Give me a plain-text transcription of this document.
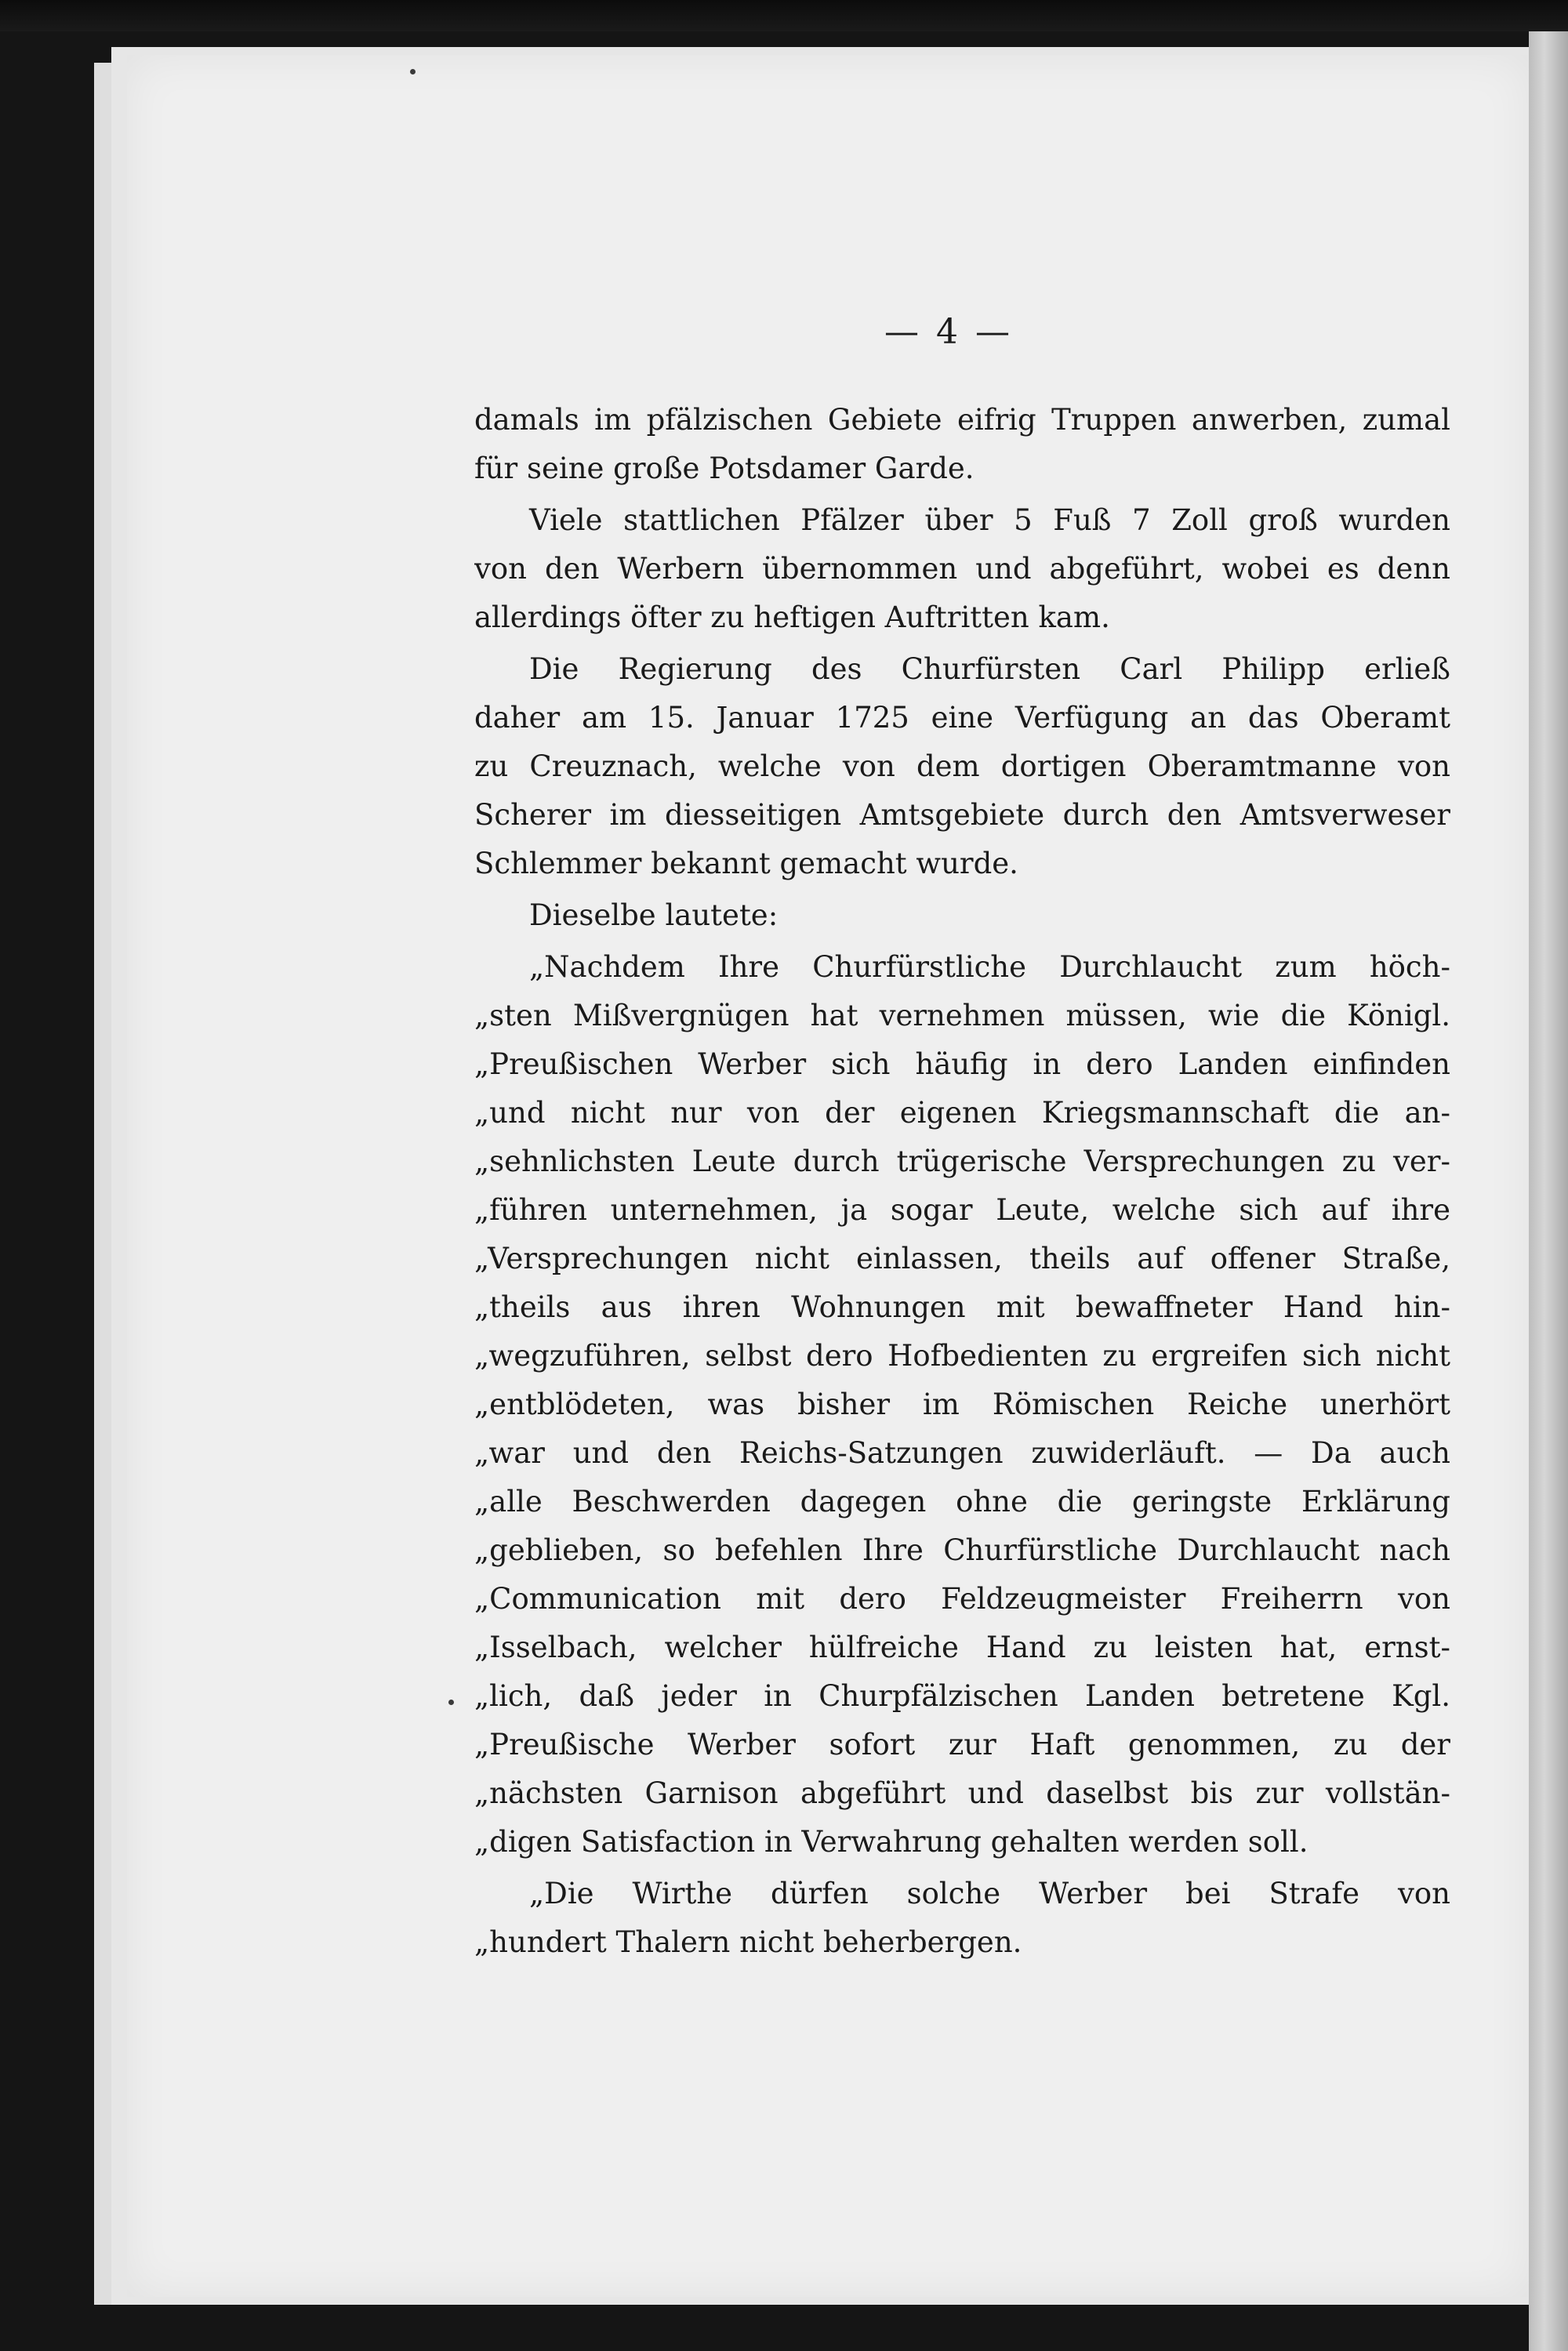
— 4 —
damals im pfälzischen Gebiete eifrig Truppen anwerben, zumal
für seine große Potsdamer Garde.
Viele stattlichen Pfälzer über 5 Fuß 7 Zoll groß wurden
von den Werbern übernommen und abgeführt, wobei es denn
allerdings öfter zu heftigen Auftritten kam.
Die Regierung des Churfürsten Carl Philipp erließ
daher am 15. Januar 1725 eine Verfügung an das Oberamt
zu Creuznach, welche von dem dortigen Oberamtmanne von
Scherer im diesseitigen Amtsgebiete durch den Amtsverweser
Schlemmer bekannt gemacht wurde.
Dieselbe lautete:
„Nachdem Ihre Churfürstliche Durchlaucht zum höch-
„sten Mißvergnügen hat vernehmen müssen, wie die Königl.
„Preußischen Werber sich häufig in dero Landen einfinden
„und nicht nur von der eigenen Kriegsmannschaft die an-
„sehnlichsten Leute durch trügerische Versprechungen zu ver-
„führen unternehmen, ja sogar Leute, welche sich auf ihre
„Versprechungen nicht einlassen, theils auf offener Straße,
„theils aus ihren Wohnungen mit bewaffneter Hand hin-
„wegzuführen, selbst dero Hofbedienten zu ergreifen sich nicht
„entblödeten, was bisher im Römischen Reiche unerhört
„war und den Reichs-Satzungen zuwiderläuft. — Da auch
„alle Beschwerden dagegen ohne die geringste Erklärung
„geblieben, so befehlen Ihre Churfürstliche Durchlaucht nach
„Communication mit dero Feldzeugmeister Freiherrn von
„Isselbach, welcher hülfreiche Hand zu leisten hat, ernst-
„lich, daß jeder in Churpfälzischen Landen betretene Kgl.
„Preußische Werber sofort zur Haft genommen, zu der
„nächsten Garnison abgeführt und daselbst bis zur vollstän-
„digen Satisfaction in Verwahrung gehalten werden soll.
„Die Wirthe dürfen solche Werber bei Strafe von
„hundert Thalern nicht beherbergen.
